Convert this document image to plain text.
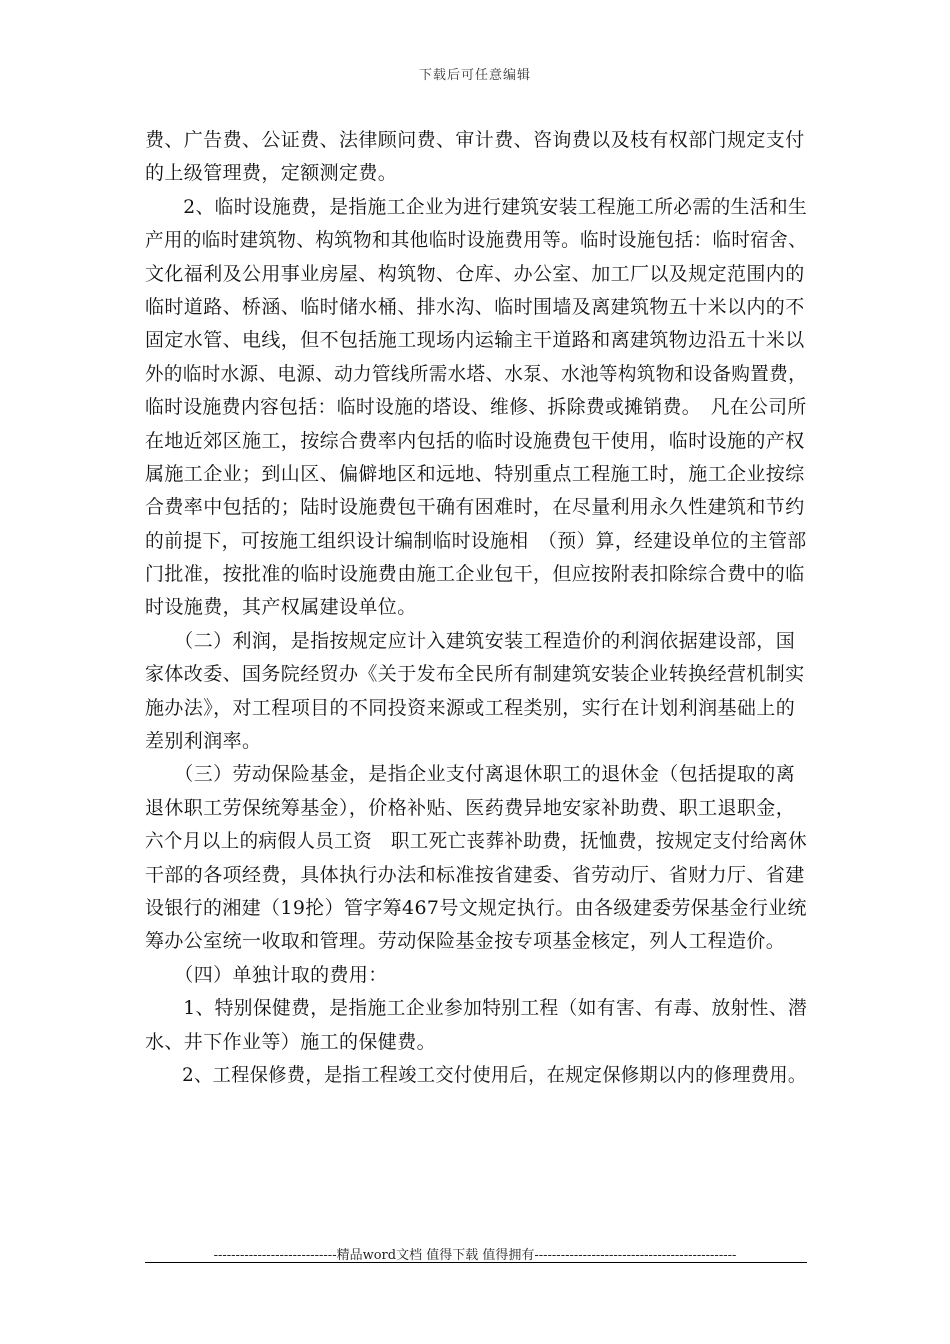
下载后可任意编辑
费、广告费、公证费、法律顾问费、审计费、咨询费以及枝有权部门规定支付
的上级管理费，定额测定费。
　　2、临时设施费，是指施工企业为进行建筑安装工程施工所必需的生活和生
产用的临时建筑物、构筑物和其他临时设施费用等。临时设施包括：临时宿舍、
文化福利及公用事业房屋、构筑物、仓库、办公室、加工厂以及规定范围内的
临时道路、桥涵、临时储水桶、排水沟、临时围墙及离建筑物五十米以内的不
固定水管、电线，但不包括施工现场内运输主干道路和离建筑物边沿五十米以
外的临时水源、电源、动力管线所需水塔、水泵、水池等构筑物和设备购置费，
临时设施费内容包括：临时设施的塔设、维修、拆除费或摊销费。　凡在公司所
在地近郊区施工，按综合费率内包括的临时设施费包干使用，临时设施的产权
属施工企业；到山区、偏僻地区和远地、特别重点工程施工时，施工企业按综
合费率中包括的；陆时设施费包干确有困难时，在尽量利用永久性建筑和节约
的前提下，可按施工组织设计编制临时设施相　（预）算，经建设单位的主管部
门批准，按批准的临时设施费由施工企业包干，但应按附表扣除综合费中的临
时设施费，其产权属建设单位。
　　（二）利润，是指按规定应计入建筑安装工程造价的利润依据建设部，国
家体改委、国务院经贸办《关于发布全民所有制建筑安装企业转换经营机制实
施办法》，对工程项目的不同投资来源或工程类别，实行在计划利润基础上的
差别利润率。
　　（三）劳动保险基金，是指企业支付离退休职工的退休金（包括提取的离
退休职工劳保统筹基金），价格补贴、医药费异地安家补助费、职工退职金，
六个月以上的病假人员工资　职工死亡丧葬补助费，抚恤费，按规定支付给离休
干部的各项经费，具体执行办法和标准按省建委、省劳动厅、省财力厅、省建
设银行的湘建（19抡）管字筹467号文规定执行。由各级建委劳保基金行业统
筹办公室统一收取和管理。劳动保险基金按专项基金核定，列人工程造价。
　　（四）单独计取的费用：
　　1、特别保健费，是指施工企业参加特别工程（如有害、有毒、放射性、潜
水、井下作业等）施工的保健费。
　　2、工程保修费，是指工程竣工交付使用后，在规定保修期以内的修理费用。
----------------------------精品word文档 值得下载 值得拥有----------------------------------------------
